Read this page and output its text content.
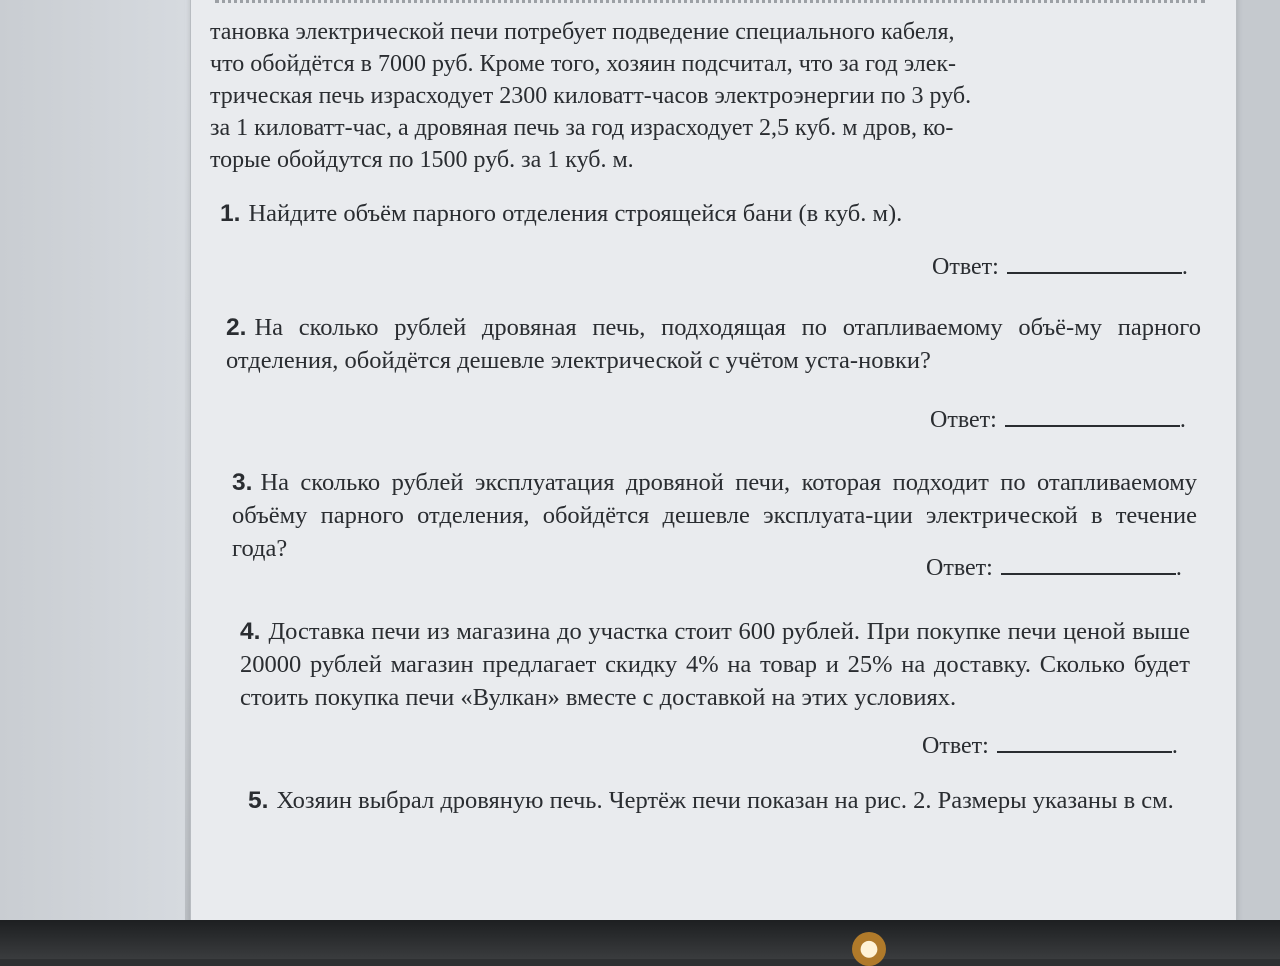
тановка электрической печи потребует подведение специального кабеля,
что обойдётся в 7000 руб. Кроме того, хозяин подсчитал, что за год элек-
трическая печь израсходует 2300 киловатт-часов электроэнергии по 3 руб.
за 1 киловатт-час, а дровяная печь за год израсходует 2,5 куб. м дров, ко-
торые обойдутся по 1500 руб. за 1 куб. м.

1. Найдите объём парного отделения строящейся бани (в куб. м).

Ответ:	.

2. На сколько рублей дровяная печь, подходящая по отапливаемому объё-му парного отделения, обойдётся дешевле электрической с учётом уста-новки?

Ответ:	.

3. На сколько рублей эксплуатация дровяной печи, которая подходит по отапливаемому объёму парного отделения, обойдётся дешевле эксплуата-ции электрической в течение года?

Ответ:	.

4. Доставка печи из магазина до участка стоит 600 рублей. При покупке печи ценой выше 20000 рублей магазин предлагает скидку 4% на товар и 25% на доставку. Сколько будет стоить покупка печи «Вулкан» вместе с доставкой на этих условиях.

Ответ:	.

5. Хозяин выбрал дровяную печь. Чертёж печи показан на рис. 2. Размеры указаны в см.

●
